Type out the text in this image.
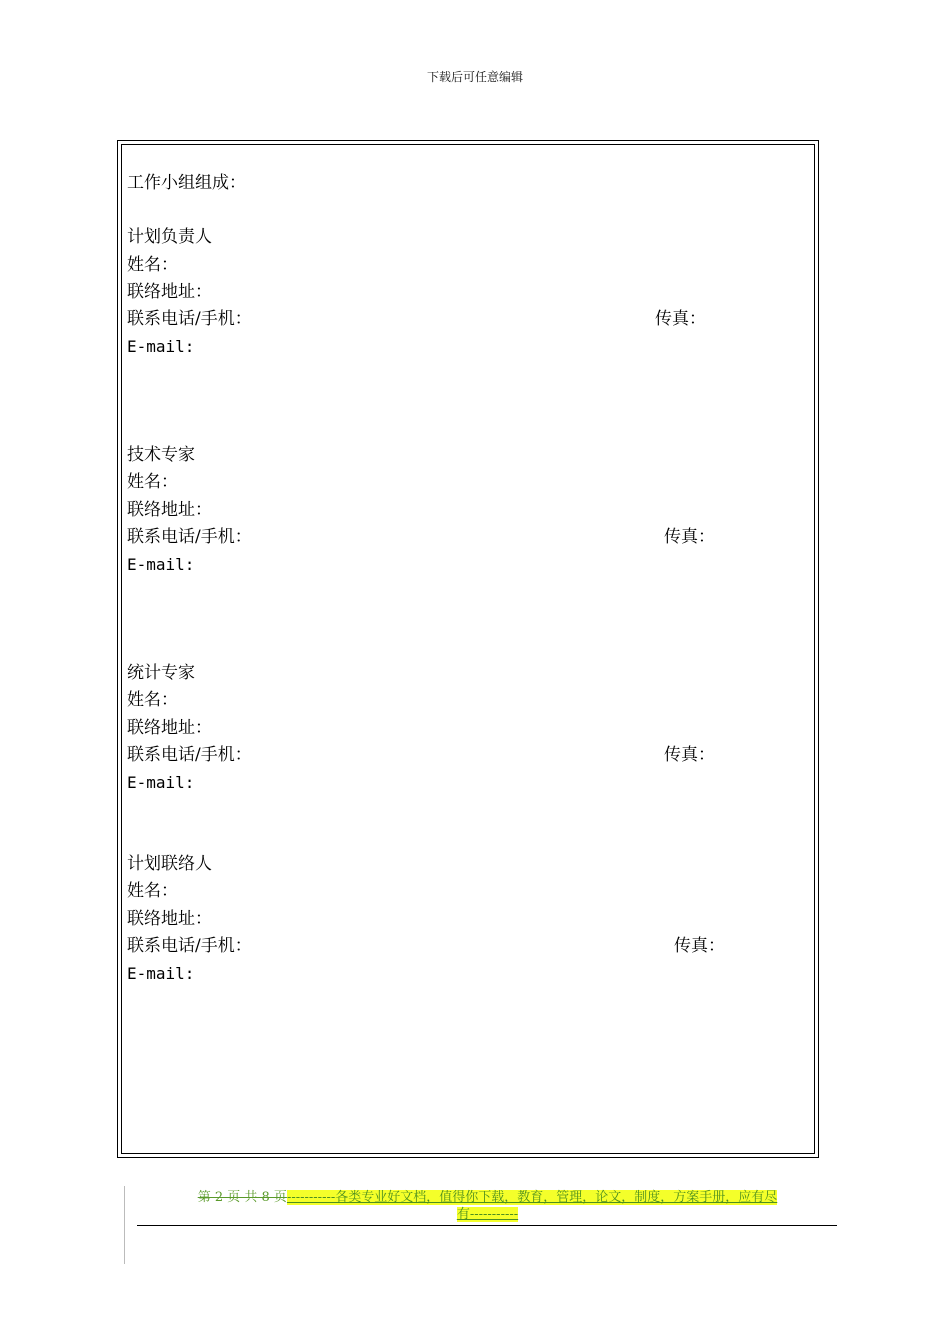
下载后可任意编辑
工作小组组成：
计划负责人
姓名：
联络地址：
联系电话/手机：	传真：
E-mail:
技术专家
姓名：
联络地址：
联系电话/手机：	传真：
E-mail:
统计专家
姓名：
联络地址：
联系电话/手机：	传真：
E-mail:
计划联络人
姓名：
联络地址：
联系电话/手机：	传真：
E-mail:
第 2 页 共 8 页-----------各类专业好文档，值得你下载，教育，管理，论文，制度，方案手册，应有尽
有-----------
